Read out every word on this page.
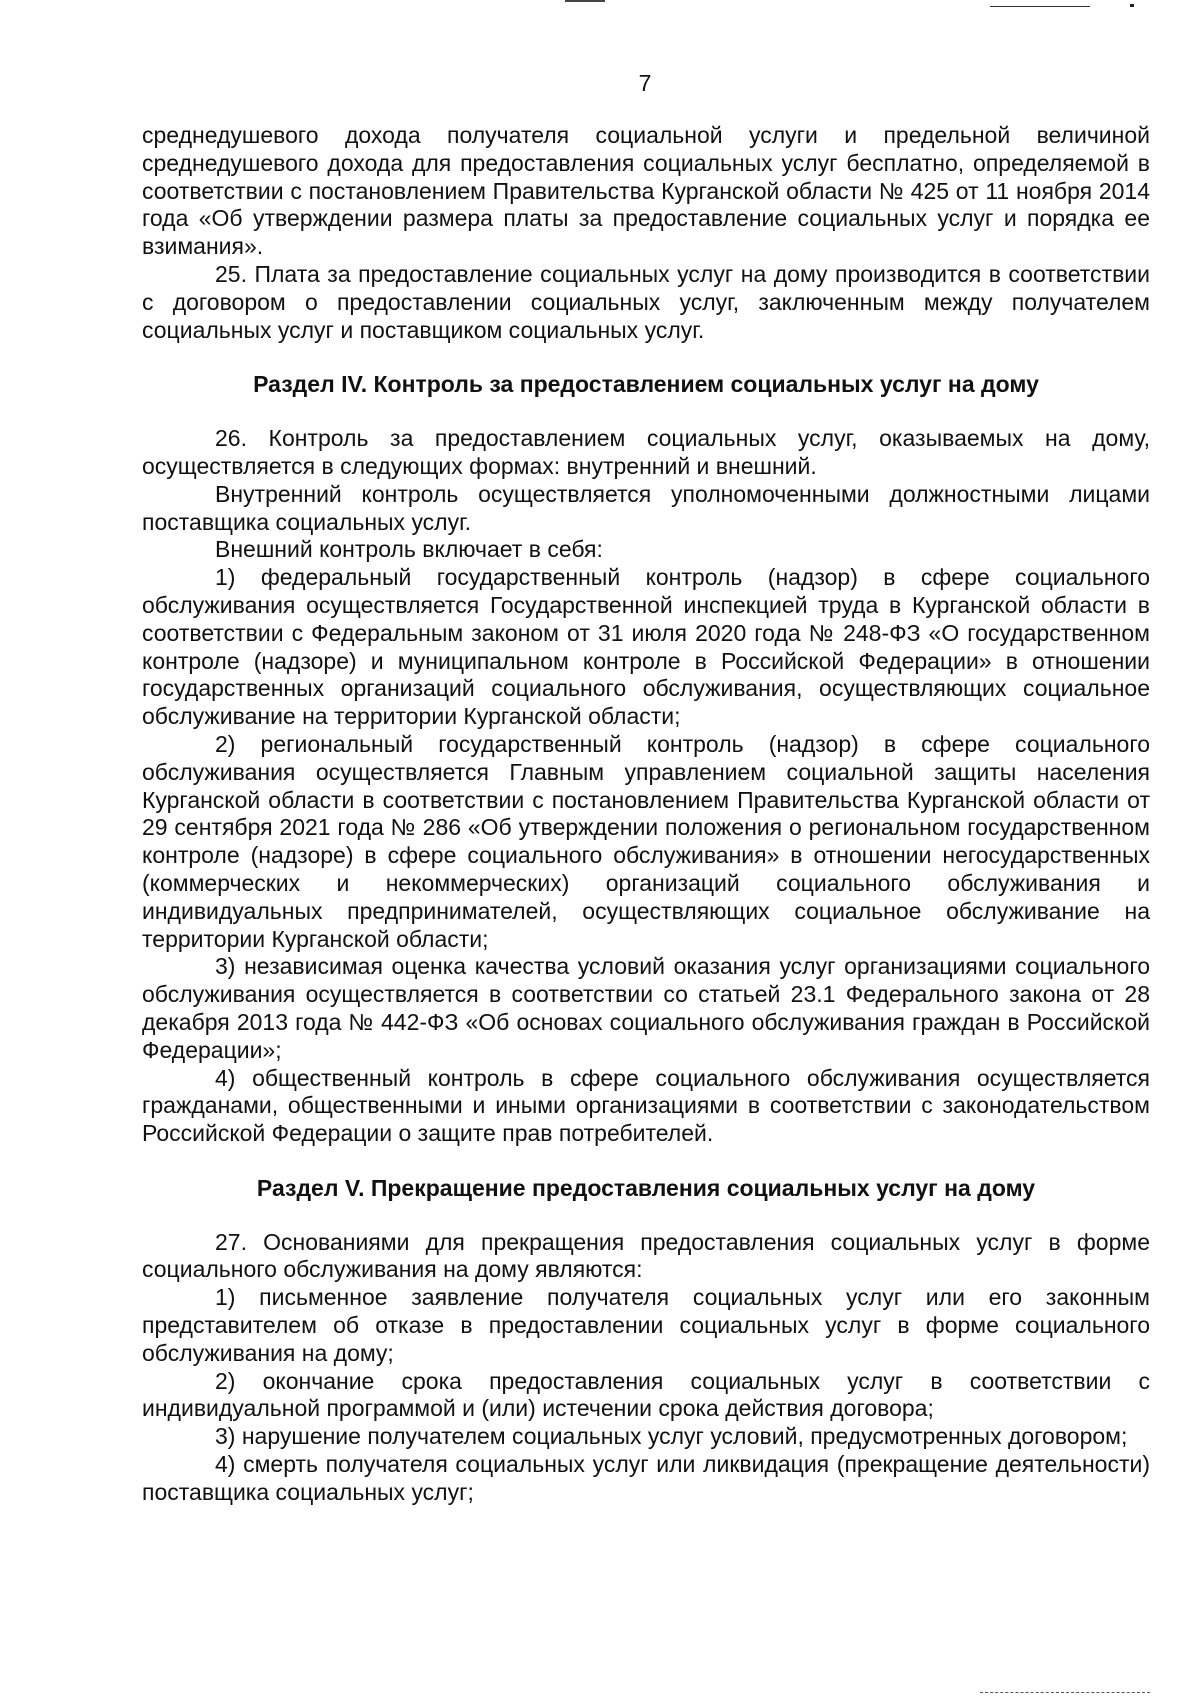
7

среднедушевого дохода получателя социальной услуги и предельной величиной среднедушевого дохода для предоставления социальных услуг бесплатно, определяемой в соответствии с постановлением Правительства Курганской области № 425 от 11 ноября 2014 года «Об утверждении размера платы за предоставление социальных услуг и порядка ее взимания».

25. Плата за предоставление социальных услуг на дому производится в соответствии с договором о предоставлении социальных услуг, заключенным между получателем социальных услуг и поставщиком социальных услуг.

Раздел IV. Контроль за предоставлением социальных услуг на дому

26. Контроль за предоставлением социальных услуг, оказываемых на дому, осуществляется в следующих формах: внутренний и внешний.

Внутренний контроль осуществляется уполномоченными должностными лицами поставщика социальных услуг.

Внешний контроль включает в себя:

1) федеральный государственный контроль (надзор) в сфере социального обслуживания осуществляется Государственной инспекцией труда в Курганской области в соответствии с Федеральным законом от 31 июля 2020 года № 248-ФЗ «О государственном контроле (надзоре) и муниципальном контроле в Российской Федерации» в отношении государственных организаций социального обслуживания, осуществляющих социальное обслуживание на территории Курганской области;

2) региональный государственный контроль (надзор) в сфере социального обслуживания осуществляется Главным управлением социальной защиты населения Курганской области в соответствии с постановлением Правительства Курганской области от 29 сентября 2021 года № 286 «Об утверждении положения о региональном государственном контроле (надзоре) в сфере социального обслуживания» в отношении негосударственных (коммерческих и некоммерческих) организаций социального обслуживания и индивидуальных предпринимателей, осуществляющих социальное обслуживание на территории Курганской области;

3) независимая оценка качества условий оказания услуг организациями социального обслуживания осуществляется в соответствии со статьей 23.1 Федерального закона от 28 декабря 2013 года № 442-ФЗ «Об основах социального обслуживания граждан в Российской Федерации»;

4) общественный контроль в сфере социального обслуживания осуществляется гражданами, общественными и иными организациями в соответствии с законодательством Российской Федерации о защите прав потребителей.

Раздел V. Прекращение предоставления социальных услуг на дому

27. Основаниями для прекращения предоставления социальных услуг в форме социального обслуживания на дому являются:

1) письменное заявление получателя социальных услуг или его законным представителем об отказе в предоставлении социальных услуг в форме социального обслуживания на дому;

2) окончание срока предоставления социальных услуг в соответствии с индивидуальной программой и (или) истечении срока действия договора;

3) нарушение получателем социальных услуг условий, предусмотренных договором;

4) смерть получателя социальных услуг или ликвидация (прекращение деятельности) поставщика социальных услуг;
